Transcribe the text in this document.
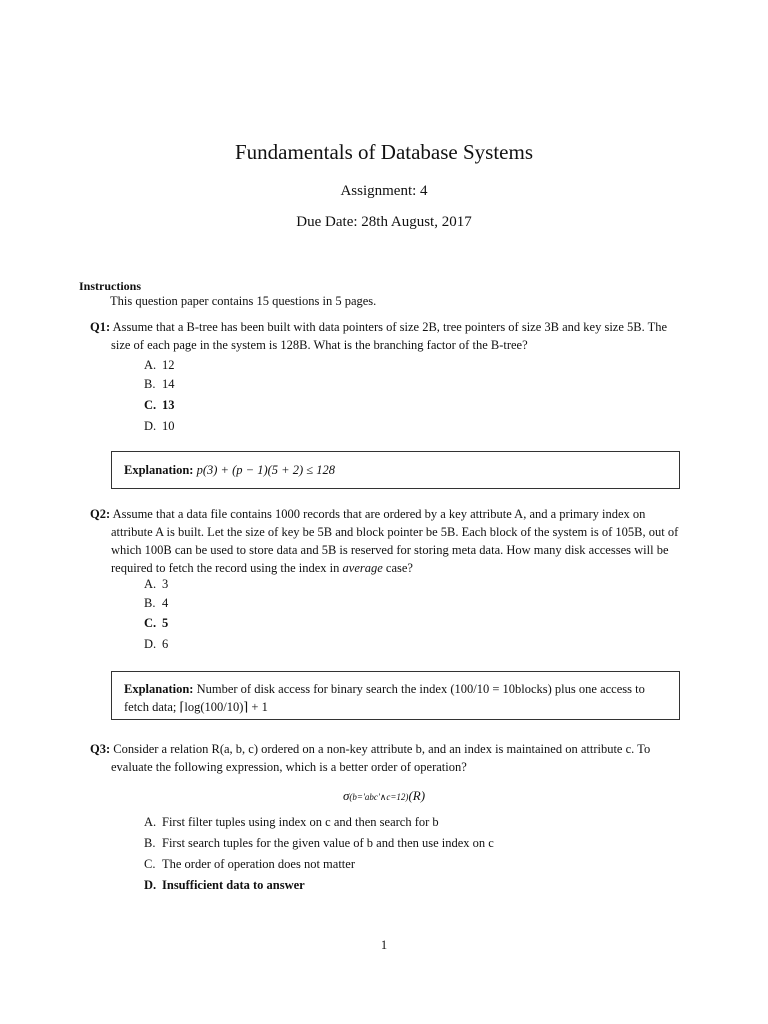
Fundamentals of Database Systems
Assignment: 4
Due Date: 28th August, 2017
Instructions
This question paper contains 15 questions in 5 pages.
Q1: Assume that a B-tree has been built with data pointers of size 2B, tree pointers of size 3B and key size 5B. The
size of each page in the system is 128B. What is the branching factor of the B-tree?
A. 12
B. 14
C. 13
D. 10
Explanation: p(3) + (p − 1)(5 + 2) ≤ 128
Q2: Assume that a data file contains 1000 records that are ordered by a key attribute A, and a primary index on
attribute A is built. Let the size of key be 5B and block pointer be 5B. Each block of the system is of 105B, out of
which 100B can be used to store data and 5B is reserved for storing meta data. How many disk accesses will be
required to fetch the record using the index in average case?
A. 3
B. 4
C. 5
D. 6
Explanation: Number of disk access for binary search the index (100/10 = 10blocks) plus one access to
fetch data; ⌈log(100/10)⌉ + 1
Q3: Consider a relation R(a, b, c) ordered on a non-key attribute b, and an index is maintained on attribute c. To
evaluate the following expression, which is a better order of operation?
σ(b='abc'∧c=12)(R)
A. First filter tuples using index on c and then search for b
B. First search tuples for the given value of b and then use index on c
C. The order of operation does not matter
D. Insufficient data to answer
1
